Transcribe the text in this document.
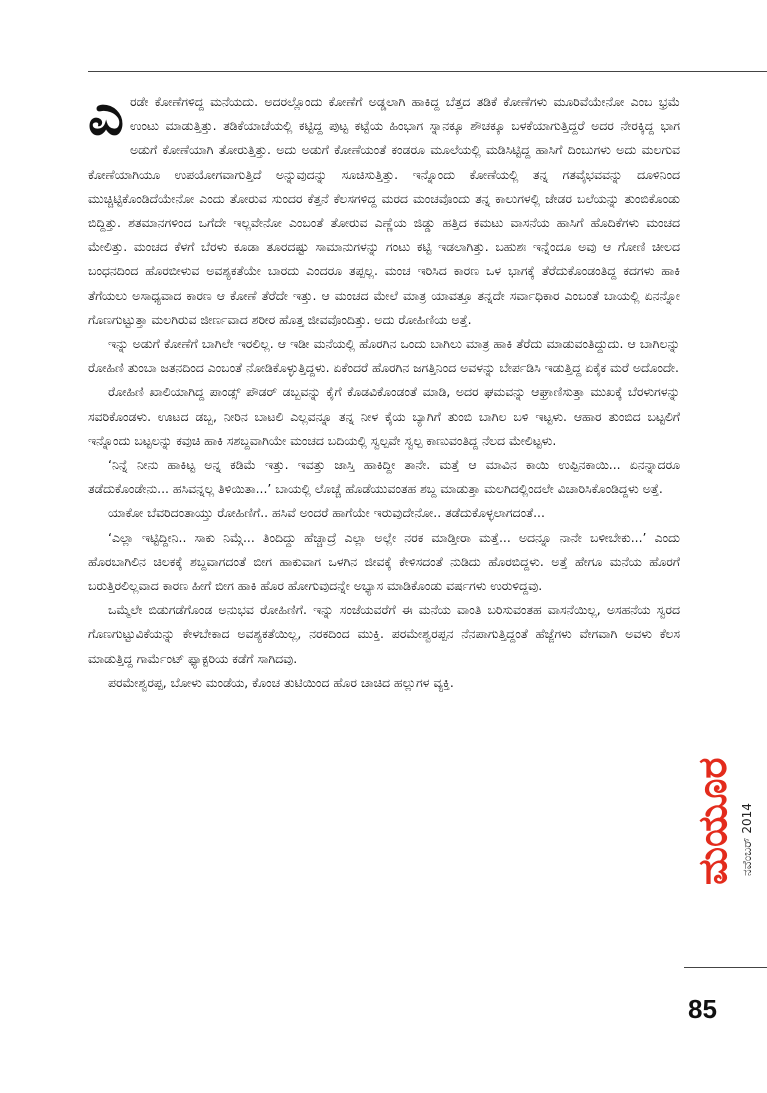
ಎರಡೇ ಕೋಣೆಗಳಿದ್ದ ಮನೆಯದು. ಅದರಲ್ಲೊಂದು ಕೋಣೆಗೆ ಅಡ್ಡಲಾಗಿ ಹಾಕಿದ್ದ ಬೆತ್ತದ ತಡಿಕೆ ಕೋಣೆಗಳು ಮೂರಿವೆಯೇನೋ ಎಂಬ ಭ್ರಮೆ ಉಂಟು ಮಾಡುತ್ತಿತ್ತು. ತಡಿಕೆಯಾಚೆಯಲ್ಲಿ ಕಟ್ಟಿದ್ದ ಪುಟ್ಟ ಕಟ್ಟೆಯ ಹಿಂಭಾಗ ಸ್ನಾನಕ್ಕೂ ಶೌಚಕ್ಕೂ ಬಳಕೆಯಾಗುತ್ತಿದ್ದರೆ ಅದರ ನೇರಕ್ಕಿದ್ದ ಭಾಗ ಅಡುಗೆ ಕೋಣೆಯಾಗಿ ತೋರುತ್ತಿತ್ತು. ಅದು ಅಡುಗೆ ಕೋಣೆಯಂತೆ ಕಂಡರೂ ಮೂಲೆಯಲ್ಲಿ ಮಡಿಸಿಟ್ಟಿದ್ದ ಹಾಸಿಗೆ ದಿಂಬುಗಳು ಅದು ಮಲಗುವ ಕೋಣೆಯಾಗಿಯೂ ಉಪಯೋಗವಾಗುತ್ತಿದೆ ಅನ್ನುವುದನ್ನು ಸೂಚಿಸುತ್ತಿತ್ತು. ಇನ್ನೊಂದು ಕೋಣೆಯಲ್ಲಿ ತನ್ನ ಗತವೈಭವವನ್ನು ದೂಳಿನಿಂದ ಮುಚ್ಚಿಟ್ಟಿಕೊಂಡಿದೆಯೇನೋ ಎಂದು ತೋರುವ ಸುಂದರ ಕೆತ್ತನೆ ಕೆಲಸಗಳಿದ್ದ ಮರದ ಮಂಚವೊಂದು ತನ್ನ ಕಾಲುಗಳಲ್ಲಿ ಜೇಡರ ಬಲೆಯನ್ನು ತುಂಬಿಕೊಂಡು ಬಿದ್ದಿತ್ತು. ಶತಮಾನಗಳಿಂದ ಒಗೆದೇ ಇಲ್ಲವೇನೋ ಎಂಬಂತೆ ತೋರುವ ಎಣ್ಣೆಯ ಜಿಡ್ಡು ಹತ್ತಿದ ಕಮಟು ವಾಸನೆಯ ಹಾಸಿಗೆ ಹೊದಿಕೆಗಳು ಮಂಚದ ಮೇಲಿತ್ತು. ಮಂಚದ ಕೆಳಗೆ ಬೆರಳು ಕೂಡಾ ತೂರದಷ್ಟು ಸಾಮಾನುಗಳನ್ನು ಗಂಟು ಕಟ್ಟಿ ಇಡಲಾಗಿತ್ತು. ಬಹುಶಃ ಇನ್ನೆಂದೂ ಅವು ಆ ಗೋಣಿ ಚೀಲದ ಬಂಧನದಿಂದ ಹೊರಬೀಳುವ ಅವಶ್ಯಕತೆಯೇ ಬಾರದು ಎಂದರೂ ತಪ್ಪಲ್ಲ. ಮಂಚ ಇರಿಸಿದ ಕಾರಣ ಒಳ ಭಾಗಕ್ಕೆ ತೆರೆದುಕೊಂಡಂತಿದ್ದ ಕದಗಳು ಹಾಕಿ ತೆಗೆಯಲು ಅಸಾಧ್ಯವಾದ ಕಾರಣ ಆ ಕೋಣೆ ತೆರೆದೇ ಇತ್ತು. ಆ ಮಂಚದ ಮೇಲೆ ಮಾತ್ರ ಯಾವತ್ತೂ ತನ್ನದೇ ಸರ್ವಾಧಿಕಾರ ಎಂಬಂತೆ ಬಾಯಲ್ಲಿ ಏನನ್ನೋ ಗೊಣಗುಟ್ಟುತ್ತಾ ಮಲಗಿರುವ ಜೀರ್ಣವಾದ ಶರೀರ ಹೊತ್ತ ಜೀವವೊಂದಿತ್ತು. ಅದು ರೋಹಿಣಿಯ ಅತ್ತೆ.

ಇನ್ನು ಅಡುಗೆ ಕೋಣೆಗೆ ಬಾಗಿಲೇ ಇರಲಿಲ್ಲ. ಆ ಇಡೀ ಮನೆಯಲ್ಲಿ ಹೊರಗಿನ ಒಂದು ಬಾಗಿಲು ಮಾತ್ರ ಹಾಕಿ ತೆರೆದು ಮಾಡುವಂತಿದ್ದುದು. ಆ ಬಾಗಿಲನ್ನು ರೋಹಿಣಿ ತುಂಬಾ ಜತನದಿಂದ ಎಂಬಂತೆ ನೋಡಿಕೊಳ್ಳುತ್ತಿದ್ದಳು. ಏಕೆಂದರೆ ಹೊರಗಿನ ಜಗತ್ತಿನಿಂದ ಅವಳನ್ನು ಬೇರ್ಪಡಿಸಿ ಇಡುತ್ತಿದ್ದ ಏಕೈಕ ಮರೆ ಅದೊಂದೇ.

ರೋಹಿಣಿ ಖಾಲಿಯಾಗಿದ್ದ ಪಾಂಡ್ಸ್ ಪೌಡರ್ ಡಬ್ಬವನ್ನು ಕೈಗೆ ಕೊಡವಿಕೊಂಡಂತೆ ಮಾಡಿ, ಅದರ ಘಮವನ್ನು ಆಘ್ರಾಣಿಸುತ್ತಾ ಮುಖಕ್ಕೆ ಬೆರಳುಗಳನ್ನು ಸವರಿಕೊಂಡಳು. ಊಟದ ಡಬ್ಬ, ನೀರಿನ ಬಾಟಲಿ ಎಲ್ಲವನ್ನೂ ತನ್ನ ನೀಳ ಕೈಯ ಬ್ಯಾಗಿಗೆ ತುಂಬಿ ಬಾಗಿಲ ಬಳಿ ಇಟ್ಟಳು. ಆಹಾರ ತುಂಬಿದ ಬಟ್ಟಲಿಗೆ ಇನ್ನೊಂದು ಬಟ್ಟಲನ್ನು ಕವುಚಿ ಹಾಕಿ ಸಶಬ್ದವಾಗಿಯೇ ಮಂಚದ ಬದಿಯಲ್ಲಿ ಸ್ವಲ್ಪವೇ ಸ್ವಲ್ಪ ಕಾಣುವಂತಿದ್ದ ನೆಲದ ಮೇಲಿಟ್ಟಳು.

‘ನಿನ್ನೆ ನೀನು ಹಾಕಿಟ್ಟ ಅನ್ನ ಕಡಿಮೆ ಇತ್ತು. ಇವತ್ತು ಜಾಸ್ತಿ ಹಾಕಿದ್ದೀ ತಾನೇ. ಮತ್ತೆ ಆ ಮಾವಿನ ಕಾಯಿ ಉಪ್ಪಿನಕಾಯಿ... ಏನನ್ನಾದರೂ ತಡೆದುಕೊಂಡೇನು... ಹಸಿವನ್ನಲ್ಲ ತಿಳಿಯಿತಾ...’ ಬಾಯಲ್ಲಿ ಲೊಚ್ಚೆ ಹೊಡೆಯುವಂತಹ ಶಬ್ದ ಮಾಡುತ್ತಾ ಮಲಗಿದಲ್ಲಿಂದಲೇ ವಿಚಾರಿಸಿಕೊಂಡಿದ್ದಳು ಅತ್ತೆ.

ಯಾಕೋ ಬೆವರಿದಂತಾಯ್ತು ರೋಹಿಣಿಗೆ.. ಹಸಿವೆ ಅಂದರೆ ಹಾಗೆಯೇ ಇರುವುದೇನೋ.. ತಡೆದುಕೊಳ್ಳಲಾಗದಂತೆ...

‘ಎಲ್ಲಾ ಇಟ್ಟಿದ್ದೀನಿ.. ಸಾಕು ನಿಮ್ಗೆ... ತಿಂದಿದ್ದು ಹೆಚ್ಚಾದ್ರೆ ಎಲ್ಲಾ ಅಲ್ಲೇ ನರಕ ಮಾಡ್ತೀರಾ ಮತ್ತೆ... ಅದನ್ನೂ ನಾನೇ ಬಳೀಬೇಕು...’ ಎಂದು ಹೊರಬಾಗಿಲಿನ ಚಿಲಕಕ್ಕೆ ಶಬ್ದವಾಗದಂತೆ ಬೀಗ ಹಾಕುವಾಗ ಒಳಗಿನ ಜೀವಕ್ಕೆ ಕೇಳಿಸದಂತೆ ನುಡಿದು ಹೊರಬಿದ್ದಳು. ಅತ್ತೆ ಹೇಗೂ ಮನೆಯ ಹೊರಗೆ ಬರುತ್ತಿರಲಿಲ್ಲವಾದ ಕಾರಣ ಹೀಗೆ ಬೀಗ ಹಾಕಿ ಹೊರ ಹೋಗುವುದನ್ನೇ ಅಭ್ಯಾಸ ಮಾಡಿಕೊಂಡು ವರ್ಷಗಳು ಉರುಳಿದ್ದವು.

ಒಮ್ಮೆಲೇ ಬಿಡುಗಡೆಗೊಂಡ ಅನುಭವ ರೋಹಿಣಿಗೆ. ಇನ್ನು ಸಂಜೆಯವರೆಗೆ ಈ ಮನೆಯ ವಾಂತಿ ಬರಿಸುವಂತಹ ವಾಸನೆಯಿಲ್ಲ, ಅಸಹನೆಯ ಸ್ವರದ ಗೊಣಗುಟ್ಟುವಿಕೆಯನ್ನು ಕೇಳಬೇಕಾದ ಅವಶ್ಯಕತೆಯಿಲ್ಲ, ನರಕದಿಂದ ಮುಕ್ತಿ. ಪರಮೇಶ್ವರಪ್ಪನ ನೆನಪಾಗುತ್ತಿದ್ದಂತೆ ಹೆಜ್ಜೆಗಳು ವೇಗವಾಗಿ ಅವಳು ಕೆಲಸ ಮಾಡುತ್ತಿದ್ದ ಗಾರ್ಮೆಂಟ್ ಫ್ಯಾಕ್ಟರಿಯ ಕಡೆಗೆ ಸಾಗಿದವು.

ಪರಮೇಶ್ವರಪ್ಪ, ಬೋಳು ಮಂಡೆಯ, ಕೊಂಚ ತುಟಿಯಿಂದ ಹೊರ ಚಾಚಿದ ಹಲ್ಲುಗಳ ವ್ಯಕ್ತಿ.

ಮಯೂರ ನವೆಂಬರ್ 2014
85
